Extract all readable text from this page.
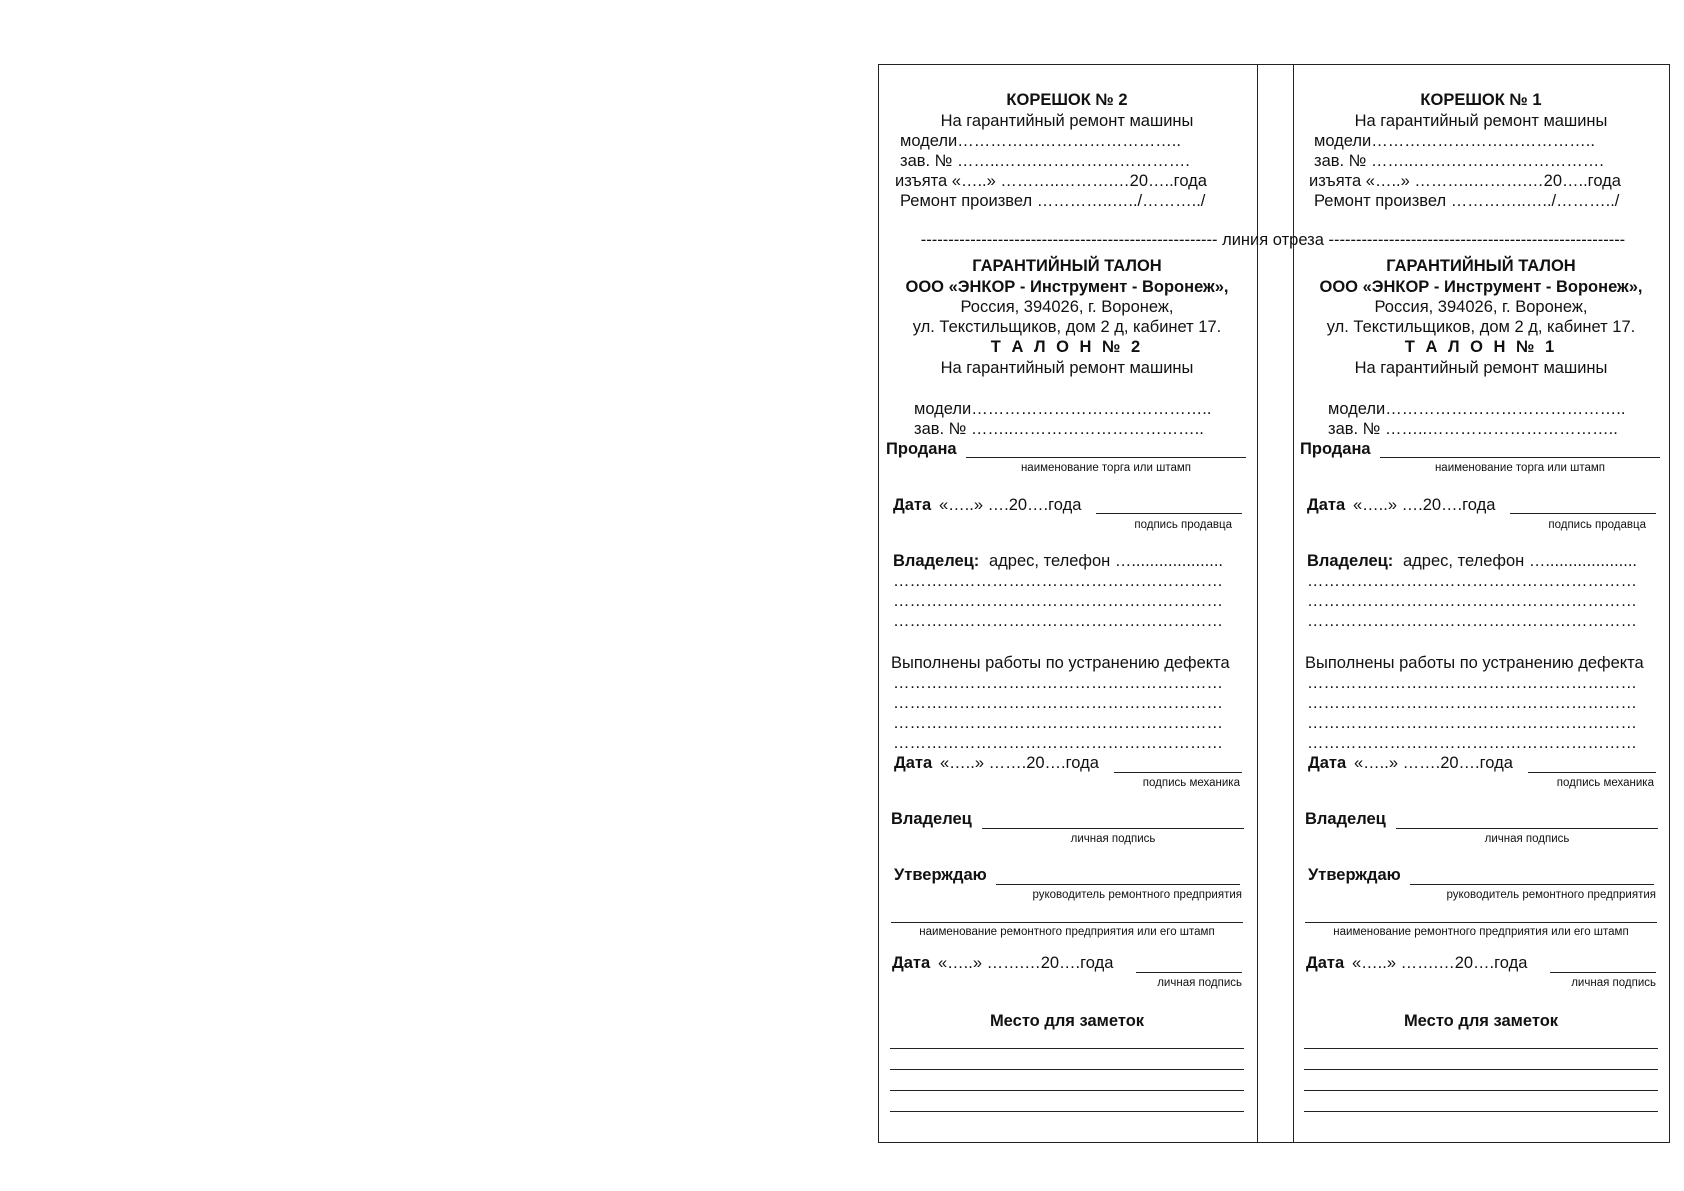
------------------------------------------------------ линия отреза ------------------------------------------------------
КОРЕШОК № 2
На гарантийный ремонт машины
модели…………………………………..
зав. № ……..…….……………………….
изъята «…..» ………..……….…20…..года
Ремонт произвел …………..…../………../
ГАРАНТИЙНЫЙ ТАЛОН
ООО «ЭНКОР - Инструмент - Воронеж»,
Россия, 394026, г. Воронеж,
ул. Текстильщиков, дом 2 д, кабинет 17.
Т А Л О Н № 2
На гарантийный ремонт машины
модели……………………………………..
зав. № ……..……………………………..
Продана
наименование торга или штамп
Дата «…..» ….20….года
подпись продавца
Владелец: адрес, телефон …....................
……………………………………………………
……………………………………………………
……………………………………………………
Выполнены работы по устранению дефекта
……………………………………………………
……………………………………………………
……………………………………………………
……………………………………………………
Дата «…..» …….20….года
подпись механика
Владелец
личная подпись
Утверждаю
руководитель ремонтного предприятия
наименование ремонтного предприятия или его штамп
Дата «…..» …….…20….года
личная подпись
Место для заметок
КОРЕШОК № 1
На гарантийный ремонт машины
модели…………………………………..
зав. № ……..…….……………………….
изъята «…..» ………..……….…20…..года
Ремонт произвел …………..…../………../
ГАРАНТИЙНЫЙ ТАЛОН
ООО «ЭНКОР - Инструмент - Воронеж»,
Россия, 394026, г. Воронеж,
ул. Текстильщиков, дом 2 д, кабинет 17.
Т А Л О Н № 1
На гарантийный ремонт машины
модели……………………………………..
зав. № ……..……………………………..
Продана
наименование торга или штамп
Дата «…..» ….20….года
подпись продавца
Владелец: адрес, телефон …....................
……………………………………………………
……………………………………………………
……………………………………………………
Выполнены работы по устранению дефекта
……………………………………………………
……………………………………………………
……………………………………………………
……………………………………………………
Дата «…..» …….20….года
подпись механика
Владелец
личная подпись
Утверждаю
руководитель ремонтного предприятия
наименование ремонтного предприятия или его штамп
Дата «…..» …….…20….года
личная подпись
Место для заметок
